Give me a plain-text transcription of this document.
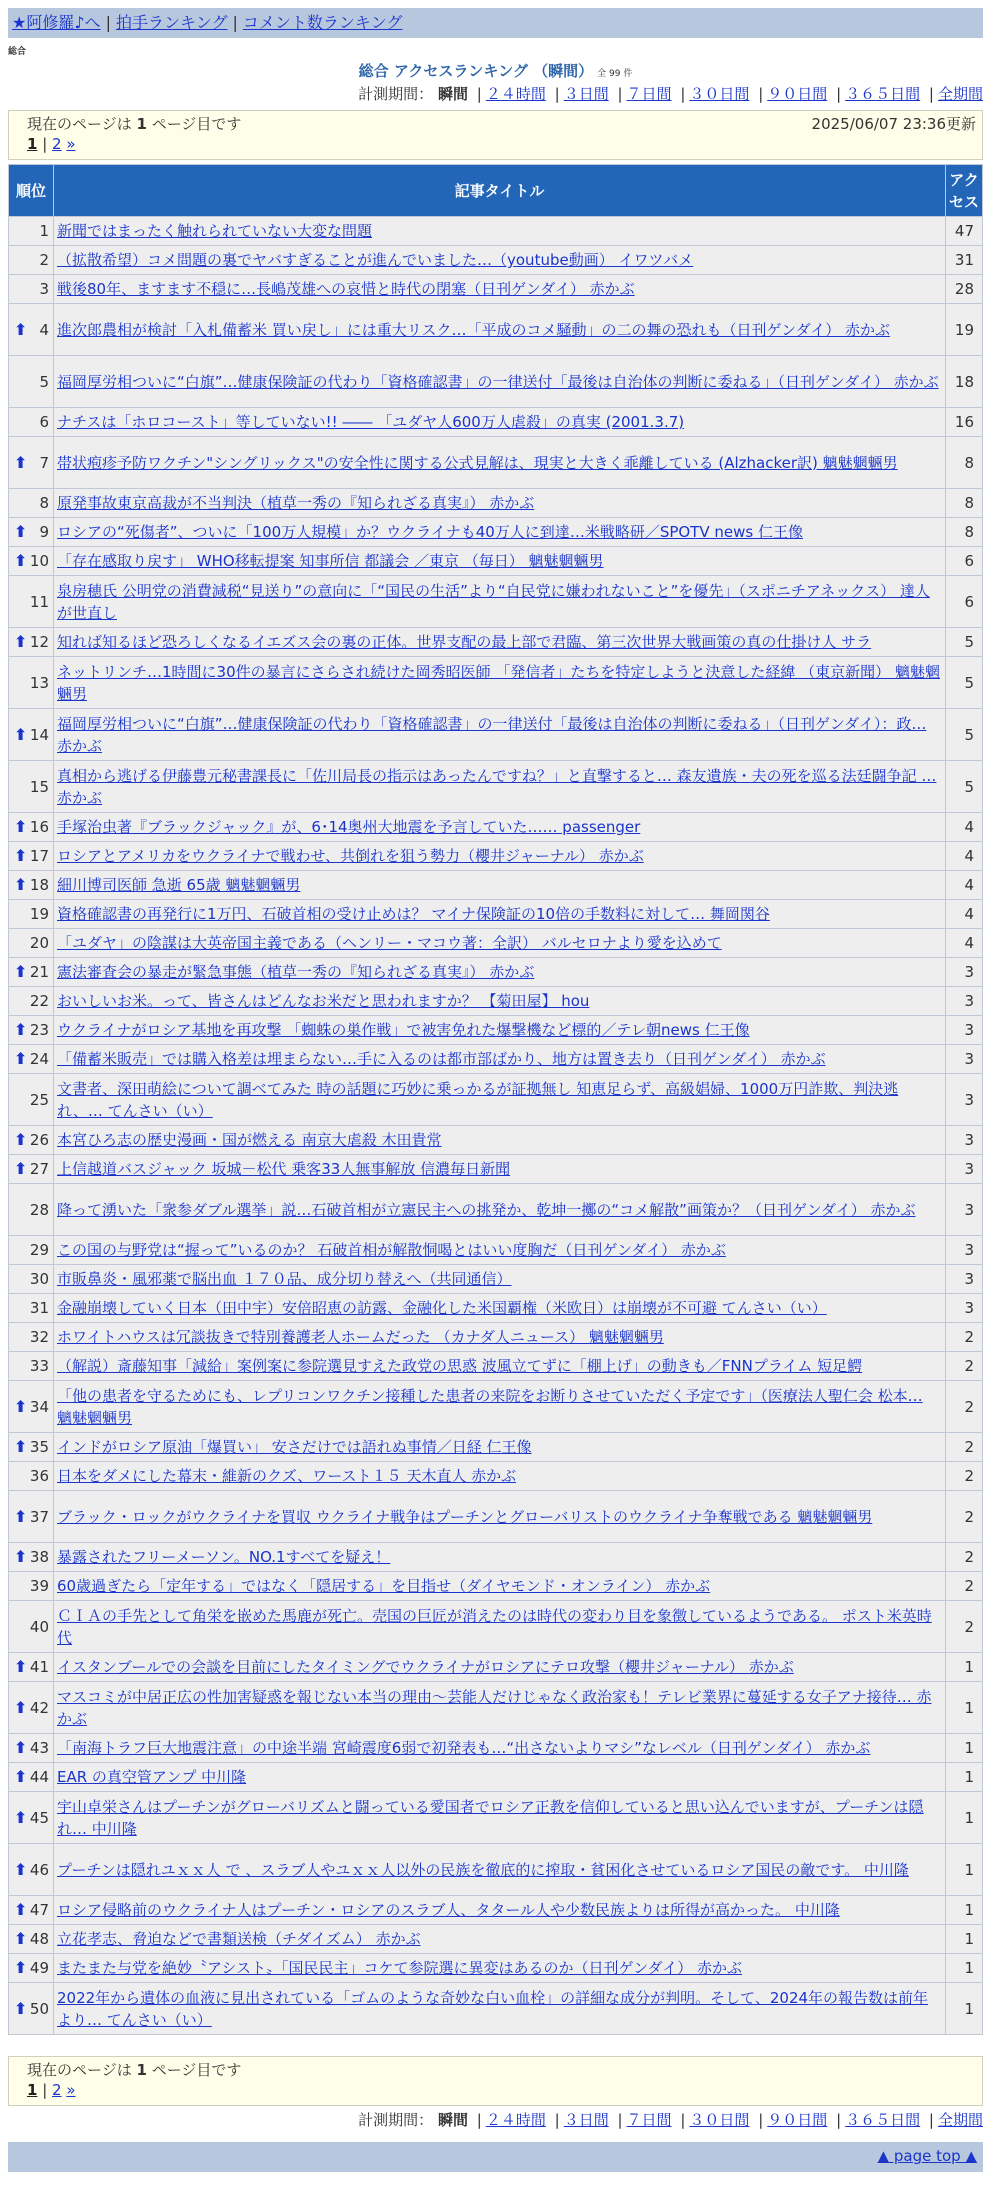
★阿修羅♪へ | 拍手ランキング | コメント数ランキング
総合
総合 アクセスランキング （瞬間） 全 99 件
計測期間： 瞬間 | ２４時間 | ３日間 | ７日間 | ３０日間 | ９０日間 | ３６５日間 | 全期間
現在のページは 1 ページ目です	2025/06/07 23:36更新
1 | 2 »
順位	記事タイトル	アクセス
1	新聞ではまったく触れられていない大変な問題	47
2	（拡散希望）コメ問題の裏でヤバすぎることが進んでいました…（youtube動画） イワツバメ	31
3	戦後80年、ますます不穏に…長嶋茂雄への哀惜と時代の閉塞（日刊ゲンダイ） 赤かぶ	28

⬆ 4	進次郎農相が検討「入札備蓄米 買い戻し」には重大リスク…「平成のコメ騒動」の二の舞の恐れも（日刊ゲンダイ） 赤かぶ	19
5	福岡厚労相ついに“白旗”…健康保険証の代わり「資格確認書」の一律送付「最後は自治体の判断に委ねる」（日刊ゲンダイ） 赤かぶ	18
6	ナチスは「ホロコースト」等していない!! ―― 「ユダヤ人600万人虐殺」の真実 (2001.3.7)	16

⬆ 7	帯状疱疹予防ワクチン"シングリックス"の安全性に関する公式見解は、現実と大きく乖離している (Alzhacker訳) 魑魅魍魎男	8
8	原発事故東京高裁が不当判決（植草一秀の『知られざる真実』） 赤かぶ	8

⬆ 9	ロシアの“死傷者”、ついに「100万人規模」か？ウクライナも40万人に到達…米戦略研／SPOTV news 仁王像	8

⬆ 10	「存在感取り戻す」 WHO移転提案 知事所信 都議会 ／東京 （毎日） 魑魅魍魎男	6
11	泉房穂氏 公明党の消費減税“見送り”の意向に「“国民の生活”より“自民党に嫌われないこと”を優先」（スポニチアネックス） 達人が世直し	6

⬆ 12	知れば知るほど恐ろしくなるイエズス会の裏の正体。世界支配の最上部で君臨、第三次世界大戦画策の真の仕掛け人 サラ	5
13	ネットリンチ…1時間に30件の暴言にさらされ続けた岡秀昭医師 「発信者」たちを特定しようと決意した経緯 （東京新聞） 魑魅魍魎男	5

⬆ 14	福岡厚労相ついに“白旗”…健康保険証の代わり「資格確認書」の一律送付「最後は自治体の判断に委ねる」（日刊ゲンダイ）：政… 赤かぶ	5
15	真相から逃げる伊藤豊元秘書課長に「佐川局長の指示はあったんですね？」と直撃すると… 森友遺族・夫の死を巡る法廷闘争記 … 赤かぶ	5

⬆ 16	手塚治虫著『ブラックジャック』が、6･14奥州大地震を予言していた…… passenger	4

⬆ 17	ロシアとアメリカをウクライナで戦わせ、共倒れを狙う勢力（櫻井ジャーナル） 赤かぶ	4

⬆ 18	細川博司医師 急逝 65歳 魑魅魍魎男	4
19	資格確認書の再発行に1万円、石破首相の受け止めは？ マイナ保険証の10倍の手数料に対して… 舞岡関谷	4
20	「ユダヤ」の陰謀は大英帝国主義である（ヘンリー・マコウ著：全訳） バルセロナより愛を込めて	4

⬆ 21	憲法審査会の暴走が緊急事態（植草一秀の『知られざる真実』） 赤かぶ	3
22	おいしいお米。って、皆さんはどんなお米だと思われますか？ 【菊田屋】 hou	3

⬆ 23	ウクライナがロシア基地を再攻撃 「蜘蛛の巣作戦」で被害免れた爆撃機など標的／テレ朝news 仁王像	3

⬆ 24	「備蓄米販売」では購入格差は埋まらない…手に入るのは都市部ばかり、地方は置き去り（日刊ゲンダイ） 赤かぶ	3
25	文書者、深田萌絵について調べてみた 時の話題に巧妙に乗っかるが証拠無し 知恵足らず、高級娼婦、1000万円詐欺、判決逃れ、… てんさい（い）	3

⬆ 26	本宮ひろ志の歴史漫画・国が燃える 南京大虐殺 木田貴常	3

⬆ 27	上信越道バスジャック 坂城－松代 乗客33人無事解放 信濃毎日新聞	3
28	降って湧いた「衆参ダブル選挙」説…石破首相が立憲民主への挑発か、乾坤一擲の“コメ解散”画策か？（日刊ゲンダイ） 赤かぶ	3
29	この国の与野党は“握って”いるのか？ 石破首相が解散恫喝とはいい度胸だ（日刊ゲンダイ） 赤かぶ	3
30	市販鼻炎・風邪薬で脳出血 １７０品、成分切り替えへ（共同通信）	3
31	金融崩壊していく日本（田中宇）安倍昭恵の訪露、金融化した米国覇権（米欧日）は崩壊が不可避 てんさい（い）	3
32	ホワイトハウスは冗談抜きで特別養護老人ホームだった （カナダ人ニュース） 魑魅魍魎男	2
33	（解説）斎藤知事「減給」案例案に参院選見すえた政党の思惑 波風立てずに「棚上げ」の動きも／FNNプライム 短足鰐	2

⬆ 34	「他の患者を守るためにも、レプリコンワクチン接種した患者の来院をお断りさせていただく予定です」（医療法人聖仁会 松本… 魑魅魍魎男	2

⬆ 35	インドがロシア原油「爆買い」 安さだけでは語れぬ事情／日経 仁王像	2
36	日本をダメにした幕末・維新のクズ、ワースト１５ 天木直人 赤かぶ	2

⬆ 37	ブラック・ロックがウクライナを買収 ウクライナ戦争はプーチンとグローバリストのウクライナ争奪戦である 魑魅魍魎男	2

⬆ 38	暴露されたフリーメーソン。NO.1すべてを疑え！	2
39	60歳過ぎたら「定年する」ではなく「隠居する」を目指せ（ダイヤモンド・オンライン） 赤かぶ	2
40	ＣＩＡの手先として角栄を嵌めた馬鹿が死亡。売国の巨匠が消えたのは時代の変わり目を象徴しているようである。 ポスト米英時代	2

⬆ 41	イスタンブールでの会談を目前にしたタイミングでウクライナがロシアにテロ攻撃（櫻井ジャーナル） 赤かぶ	1

⬆ 42	マスコミが中居正広の性加害疑惑を報じない本当の理由～芸能人だけじゃなく政治家も！テレビ業界に蔓延する女子アナ接待… 赤かぶ	1

⬆ 43	「南海トラフ巨大地震注意」の中途半端 宮崎震度6弱で初発表も…“出さないよりマシ”なレベル（日刊ゲンダイ） 赤かぶ	1

⬆ 44	EAR の真空管アンプ 中川隆	1

⬆ 45	宇山卓栄さんはプーチンがグローバリズムと闘っている愛国者でロシア正教を信仰していると思い込んでいますが、プーチンは隠れ… 中川隆	1

⬆ 46	プーチンは隠れユｘｘ人 で 、スラブ人やユｘｘ人以外の民族を徹底的に搾取・貧困化させているロシア国民の敵です。 中川隆	1

⬆ 47	ロシア侵略前のウクライナ人はプーチン・ロシアのスラブ人、タタール人や少数民族よりは所得が高かった。 中川隆	1

⬆ 48	立花孝志、脅迫などで書類送検（チダイズム） 赤かぶ	1

⬆ 49	またまた与党を絶妙〝アシスト〟「国民民主」コケて参院選に異変はあるのか（日刊ゲンダイ） 赤かぶ	1

⬆ 50	2022年から遺体の血液に見出されている「ゴムのような奇妙な白い血栓」の詳細な成分が判明。そして、2024年の報告数は前年より… てんさい（い）	1
計測期間： 瞬間 | ２４時間 | ３日間 | ７日間 | ３０日間 | ９０日間 | ３６５日間 | 全期間
現在のページは 1 ページ目です
1 | 2 »
▲ page top ▲
